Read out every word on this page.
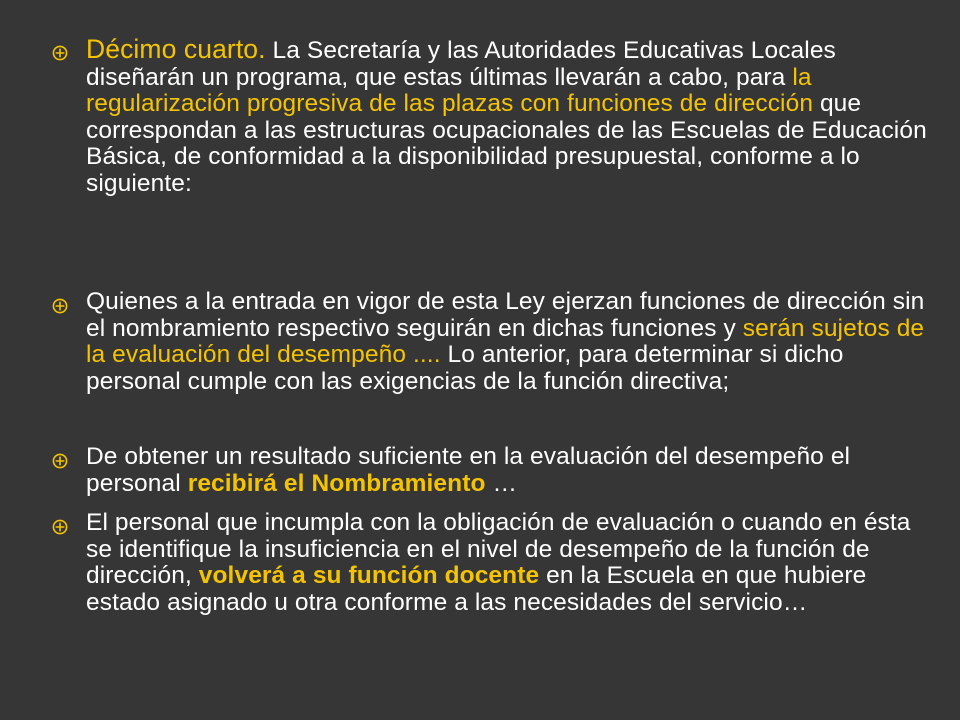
Décimo cuarto. La Secretaría y las Autoridades Educativas Locales diseñarán un programa, que estas últimas llevarán a cabo, para la regularización progresiva de las plazas con funciones de dirección que correspondan a las estructuras ocupacionales de las Escuelas de Educación Básica, de conformidad a la disponibilidad presupuestal, conforme a lo siguiente:
Quienes a la entrada en vigor de esta Ley ejerzan funciones de dirección sin el nombramiento respectivo seguirán en dichas funciones y serán sujetos de la evaluación del desempeño .... Lo anterior, para determinar si dicho personal cumple con las exigencias de la función directiva;
De obtener un resultado suficiente en la evaluación del desempeño el personal recibirá el Nombramiento …
El personal que incumpla con la obligación de evaluación o cuando en ésta se identifique la insuficiencia en el nivel de desempeño de la función de dirección, volverá a su función docente en la Escuela en que hubiere estado asignado u otra conforme a las necesidades del servicio…
